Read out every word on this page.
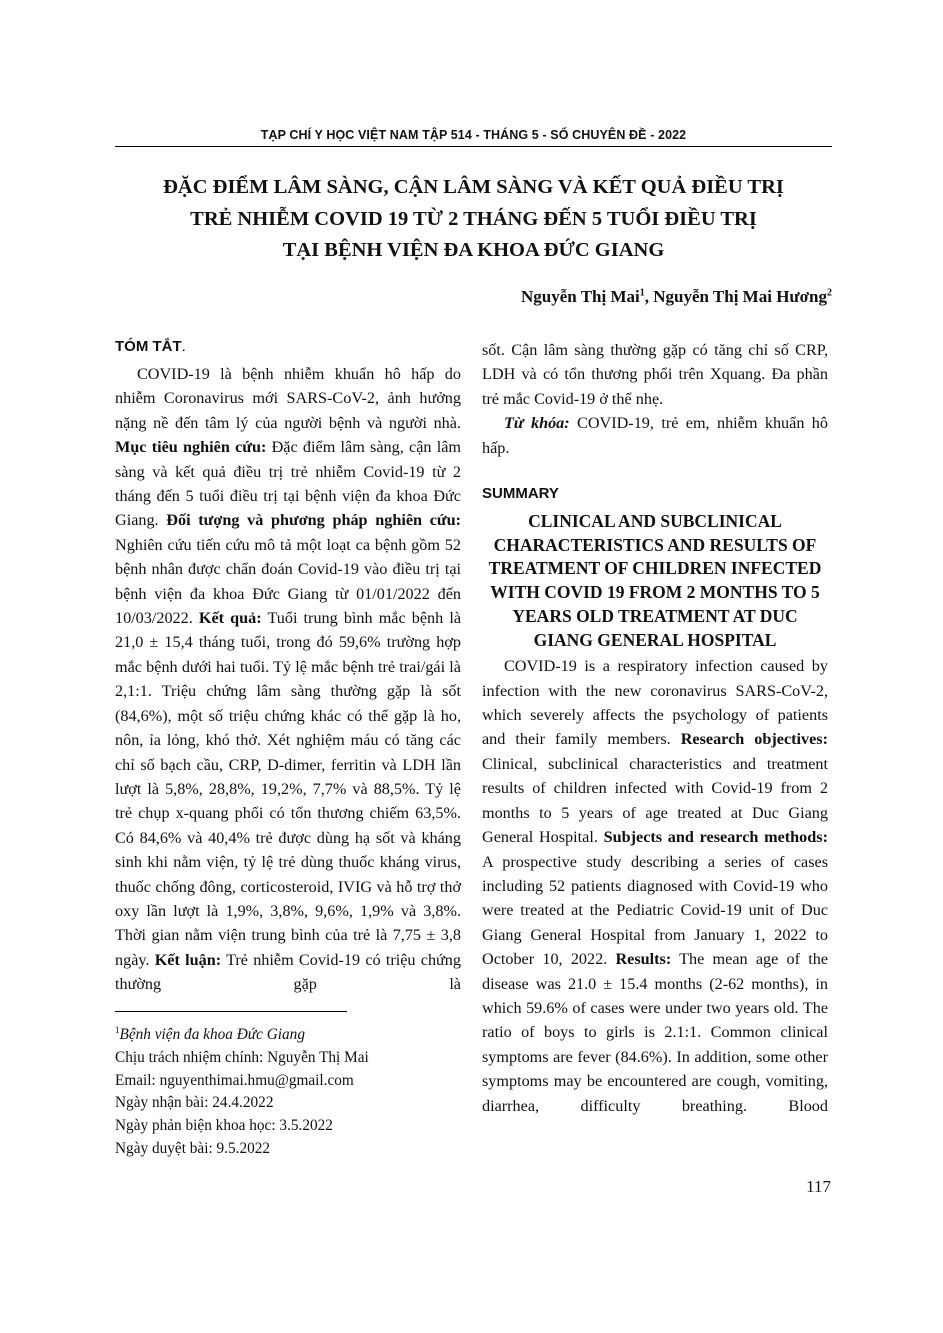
TẠP CHÍ Y HỌC VIỆT NAM TẬP 514 - THÁNG 5 - SỐ CHUYÊN ĐỀ - 2022
ĐẶC ĐIỂM LÂM SÀNG, CẬN LÂM SÀNG VÀ KẾT QUẢ ĐIỀU TRỊ
TRẺ NHIỄM COVID 19 TỪ 2 THÁNG ĐẾN 5 TUỔI ĐIỀU TRỊ
TẠI BỆNH VIỆN ĐA KHOA ĐỨC GIANG
Nguyễn Thị Mai$^1$, Nguyễn Thị Mai Hương$^2$
TÓM TẮT.

COVID-19 là bệnh nhiễm khuẩn hô hấp do nhiễm Coronavirus mới SARS-CoV-2, ảnh hưởng nặng nề đến tâm lý của người bệnh và người nhà. Mục tiêu nghiên cứu: Đặc điểm lâm sàng, cận lâm sàng và kết quả điều trị trẻ nhiễm Covid-19 từ 2 tháng đến 5 tuổi điều trị tại bệnh viện đa khoa Đức Giang. Đối tượng và phương pháp nghiên cứu: Nghiên cứu tiến cứu mô tả một loạt ca bệnh gồm 52 bệnh nhân được chẩn đoán Covid-19 vào điều trị tại bệnh viện đa khoa Đức Giang từ 01/01/2022 đến 10/03/2022. Kết quả: Tuổi trung bình mắc bệnh là 21,0 ± 15,4 tháng tuổi, trong đó 59,6% trường hợp mắc bệnh dưới hai tuổi. Tỷ lệ mắc bệnh trẻ trai/gái là 2,1:1. Triệu chứng lâm sàng thường gặp là sốt (84,6%), một số triệu chứng khác có thể gặp là ho, nôn, ỉa lỏng, khó thở. Xét nghiệm máu có tăng các chỉ số bạch cầu, CRP, D-dimer, ferritin và LDH lần lượt là 5,8%, 28,8%, 19,2%, 7,7% và 88,5%. Tỷ lệ trẻ chụp x-quang phổi có tổn thương chiếm 63,5%. Có 84,6% và 40,4% trẻ được dùng hạ sốt và kháng sinh khi nằm viện, tỷ lệ trẻ dùng thuốc kháng virus, thuốc chống đông, corticosteroid, IVIG và hỗ trợ thở oxy lần lượt là 1,9%, 3,8%, 9,6%, 1,9% và 3,8%. Thời gian nằm viện trung bình của trẻ là 7,75 ± 3,8 ngày. Kết luận: Trẻ nhiễm Covid-19 có triệu chứng thường gặp là

$^1$Bệnh viện đa khoa Đức Giang
Chịu trách nhiệm chính: Nguyễn Thị Mai
Email: nguyenthimai.hmu@gmail.com
Ngày nhận bài: 24.4.2022
Ngày phản biện khoa học: 3.5.2022
Ngày duyệt bài: 9.5.2022

sốt. Cận lâm sàng thường gặp có tăng chỉ số CRP, LDH và có tổn thương phổi trên Xquang. Đa phần trẻ mắc Covid-19 ở thể nhẹ.

Từ khóa: COVID-19, trẻ em, nhiễm khuẩn hô hấp.

SUMMARY
CLINICAL AND SUBCLINICAL CHARACTERISTICS AND RESULTS OF TREATMENT OF CHILDREN INFECTED WITH COVID 19 FROM 2 MONTHS TO 5 YEARS OLD TREATMENT AT DUC GIANG GENERAL HOSPITAL

COVID-19 is a respiratory infection caused by infection with the new coronavirus SARS-CoV-2, which severely affects the psychology of patients and their family members. Research objectives: Clinical, subclinical characteristics and treatment results of children infected with Covid-19 from 2 months to 5 years of age treated at Duc Giang General Hospital. Subjects and research methods: A prospective study describing a series of cases including 52 patients diagnosed with Covid-19 who were treated at the Pediatric Covid-19 unit of Duc Giang General Hospital from January 1, 2022 to October 10, 2022. Results: The mean age of the disease was 21.0 ± 15.4 months (2-62 months), in which 59.6% of cases were under two years old. The ratio of boys to girls is 2.1:1. Common clinical symptoms are fever (84.6%). In addition, some other symptoms may be encountered are cough, vomiting, diarrhea, difficulty breathing. Blood

117
